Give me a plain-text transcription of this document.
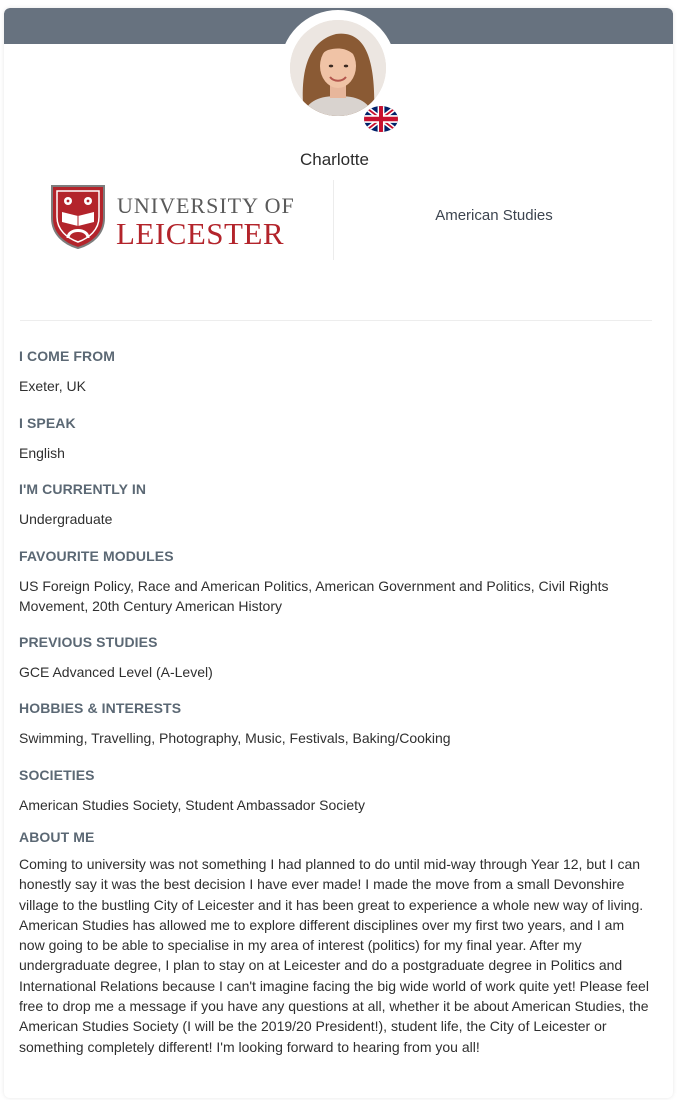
Charlotte
UNIVERSITY OF
LEICESTER
American Studies
I COME FROM
Exeter, UK
I SPEAK
English
I'M CURRENTLY IN
Undergraduate
FAVOURITE MODULES
US Foreign Policy, Race and American Politics, American Government and Politics, Civil Rights Movement, 20th Century American History
PREVIOUS STUDIES
GCE Advanced Level (A-Level)
HOBBIES & INTERESTS
Swimming, Travelling, Photography, Music, Festivals, Baking/Cooking
SOCIETIES
American Studies Society, Student Ambassador Society
ABOUT ME
Coming to university was not something I had planned to do until mid-way through Year 12, but I can honestly say it was the best decision I have ever made! I made the move from a small Devonshire village to the bustling City of Leicester and it has been great to experience a whole new way of living. American Studies has allowed me to explore different disciplines over my first two years, and I am now going to be able to specialise in my area of interest (politics) for my final year. After my undergraduate degree, I plan to stay on at Leicester and do a postgraduate degree in Politics and International Relations because I can't imagine facing the big wide world of work quite yet! Please feel free to drop me a message if you have any questions at all, whether it be about American Studies, the American Studies Society (I will be the 2019/20 President!), student life, the City of Leicester or something completely different! I'm looking forward to hearing from you all!
